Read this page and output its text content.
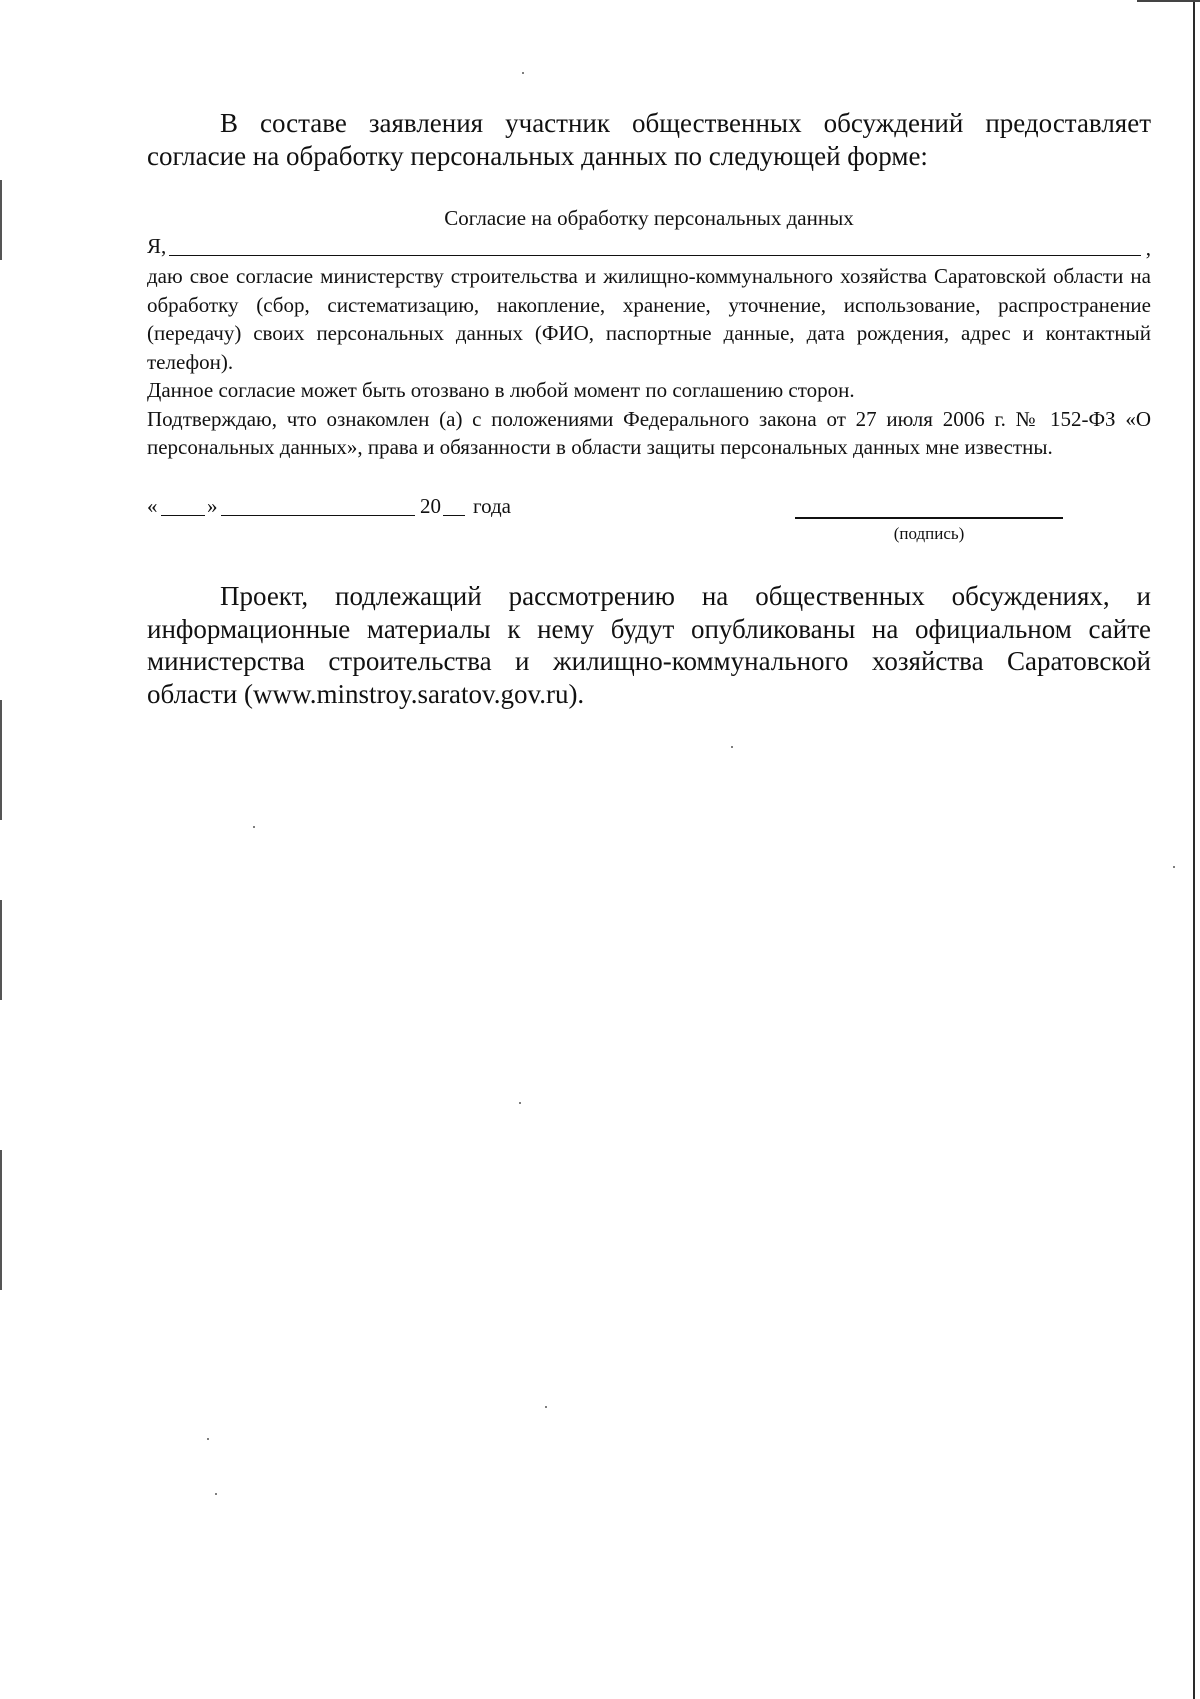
В составе заявления участник общественных обсуждений предоставляет согласие на обработку персональных данных по следующей форме:

Согласие на обработку персональных данных

Я,	,

даю свое согласие министерству строительства и жилищно-коммунального хозяйства Саратовской области на обработку (сбор, систематизацию, накопление, хранение, уточнение, использование, распространение (передачу) своих персональных данных (ФИО, паспортные данные, дата рождения, адрес и контактный телефон).

Данное согласие может быть отозвано в любой момент по соглашению сторон.

Подтверждаю, что ознакомлен (а) с положениями Федерального закона от 27 июля 2006 г. № 152-ФЗ «О персональных данных», права и обязанности в области защиты персональных данных мне известны.

« »	20 года
(подпись)

Проект, подлежащий рассмотрению на общественных обсуждениях, и информационные материалы к нему будут опубликованы на официальном сайте министерства строительства и жилищно-коммунального хозяйства Саратовской области (www.minstroy.saratov.gov.ru).
